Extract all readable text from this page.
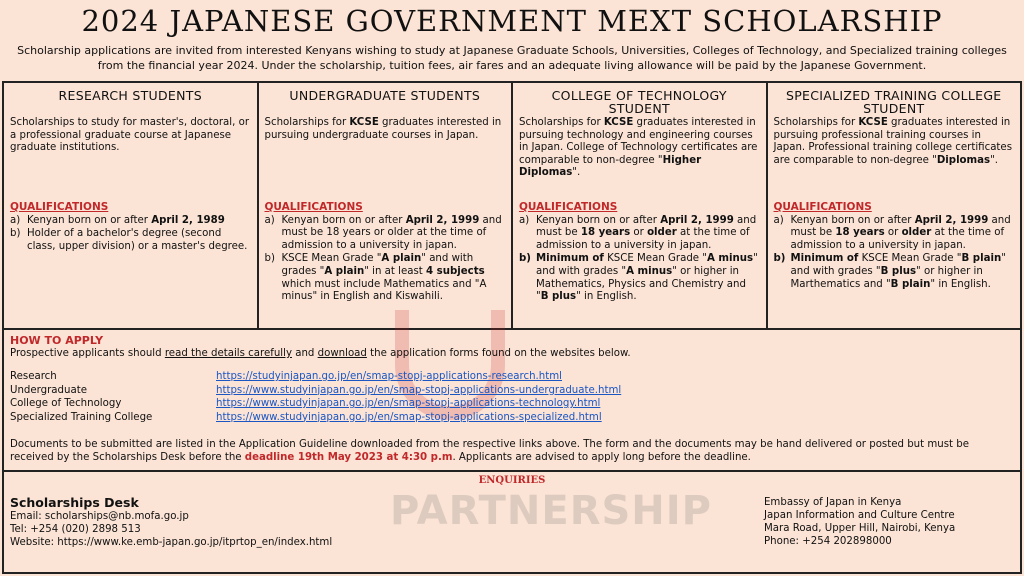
2024 JAPANESE GOVERNMENT MEXT SCHOLARSHIP
Scholarship applications are invited from interested Kenyans wishing to study at Japanese Graduate Schools, Universities, Colleges of Technology, and Specialized training colleges from the financial year 2024. Under the scholarship, tuition fees, air fares and an adequate living allowance will be paid by the Japanese Government.
RESEARCH STUDENTS
Scholarships to study for master's, doctoral, or a professional graduate course at Japanese graduate institutions.
QUALIFICATIONS
a) Kenyan born on or after April 2, 1989
b) Holder of a bachelor's degree (second class, upper division) or a master's degree.
UNDERGRADUATE STUDENTS
Scholarships for KCSE graduates interested in pursuing undergraduate courses in Japan.
QUALIFICATIONS
a) Kenyan born on or after April 2, 1999 and must be 18 years or older at the time of admission to a university in japan.
b) KSCE Mean Grade "A plain" and with grades "A plain" in at least 4 subjects which must include Mathematics and "A minus" in English and Kiswahili.
COLLEGE OF TECHNOLOGY STUDENT
Scholarships for KCSE graduates interested in pursuing technology and engineering courses in Japan. College of Technology certificates are comparable to non-degree "Higher Diplomas".
QUALIFICATIONS
a) Kenyan born on or after April 2, 1999 and must be 18 years or older at the time of admission to a university in japan.
b) Minimum of KSCE Mean Grade "A minus" and with grades "A minus" or higher in Mathematics, Physics and Chemistry and "B plus" in English.
SPECIALIZED TRAINING COLLEGE STUDENT
Scholarships for KCSE graduates interested in pursuing professional training courses in Japan. Professional training college certificates are comparable to non-degree "Diplomas".
QUALIFICATIONS
a) Kenyan born on or after April 2, 1999 and must be 18 years or older at the time of admission to a university in japan.
b) Minimum of KSCE Mean Grade "B plain" and with grades "B plus" or higher in Marthematics and "B plain" in English.
HOW TO APPLY
Prospective applicants should read the details carefully and download the application forms found on the websites below.
Research	https://studyinjapan.go.jp/en/smap-stopj-applications-research.html
Undergraduate	https://www.studyinjapan.go.jp/en/smap-stopj-applications-undergraduate.html
College of Technology	https://www.studyinjapan.go.jp/en/smap-stopj-applications-technology.html
Specialized Training College	https://www.studyinjapan.go.jp/en/smap-stopj-applications-specialized.html
Documents to be submitted are listed in the Application Guideline downloaded from the respective links above. The form and the documents may be hand delivered or posted but must be received by the Scholarships Desk before the deadline 19th May 2023 at 4:30 p.m. Applicants are advised to apply long before the deadline.
ENQUIRIES
Scholarships Desk
Email: scholarships@nb.mofa.go.jp
Tel: +254 (020) 2898 513
Website: https://www.ke.emb-japan.go.jp/itprtop_en/index.html
Embassy of Japan in Kenya
Japan Information and Culture Centre
Mara Road, Upper Hill, Nairobi, Kenya
Phone: +254 202898000
PARTNERSHIP
